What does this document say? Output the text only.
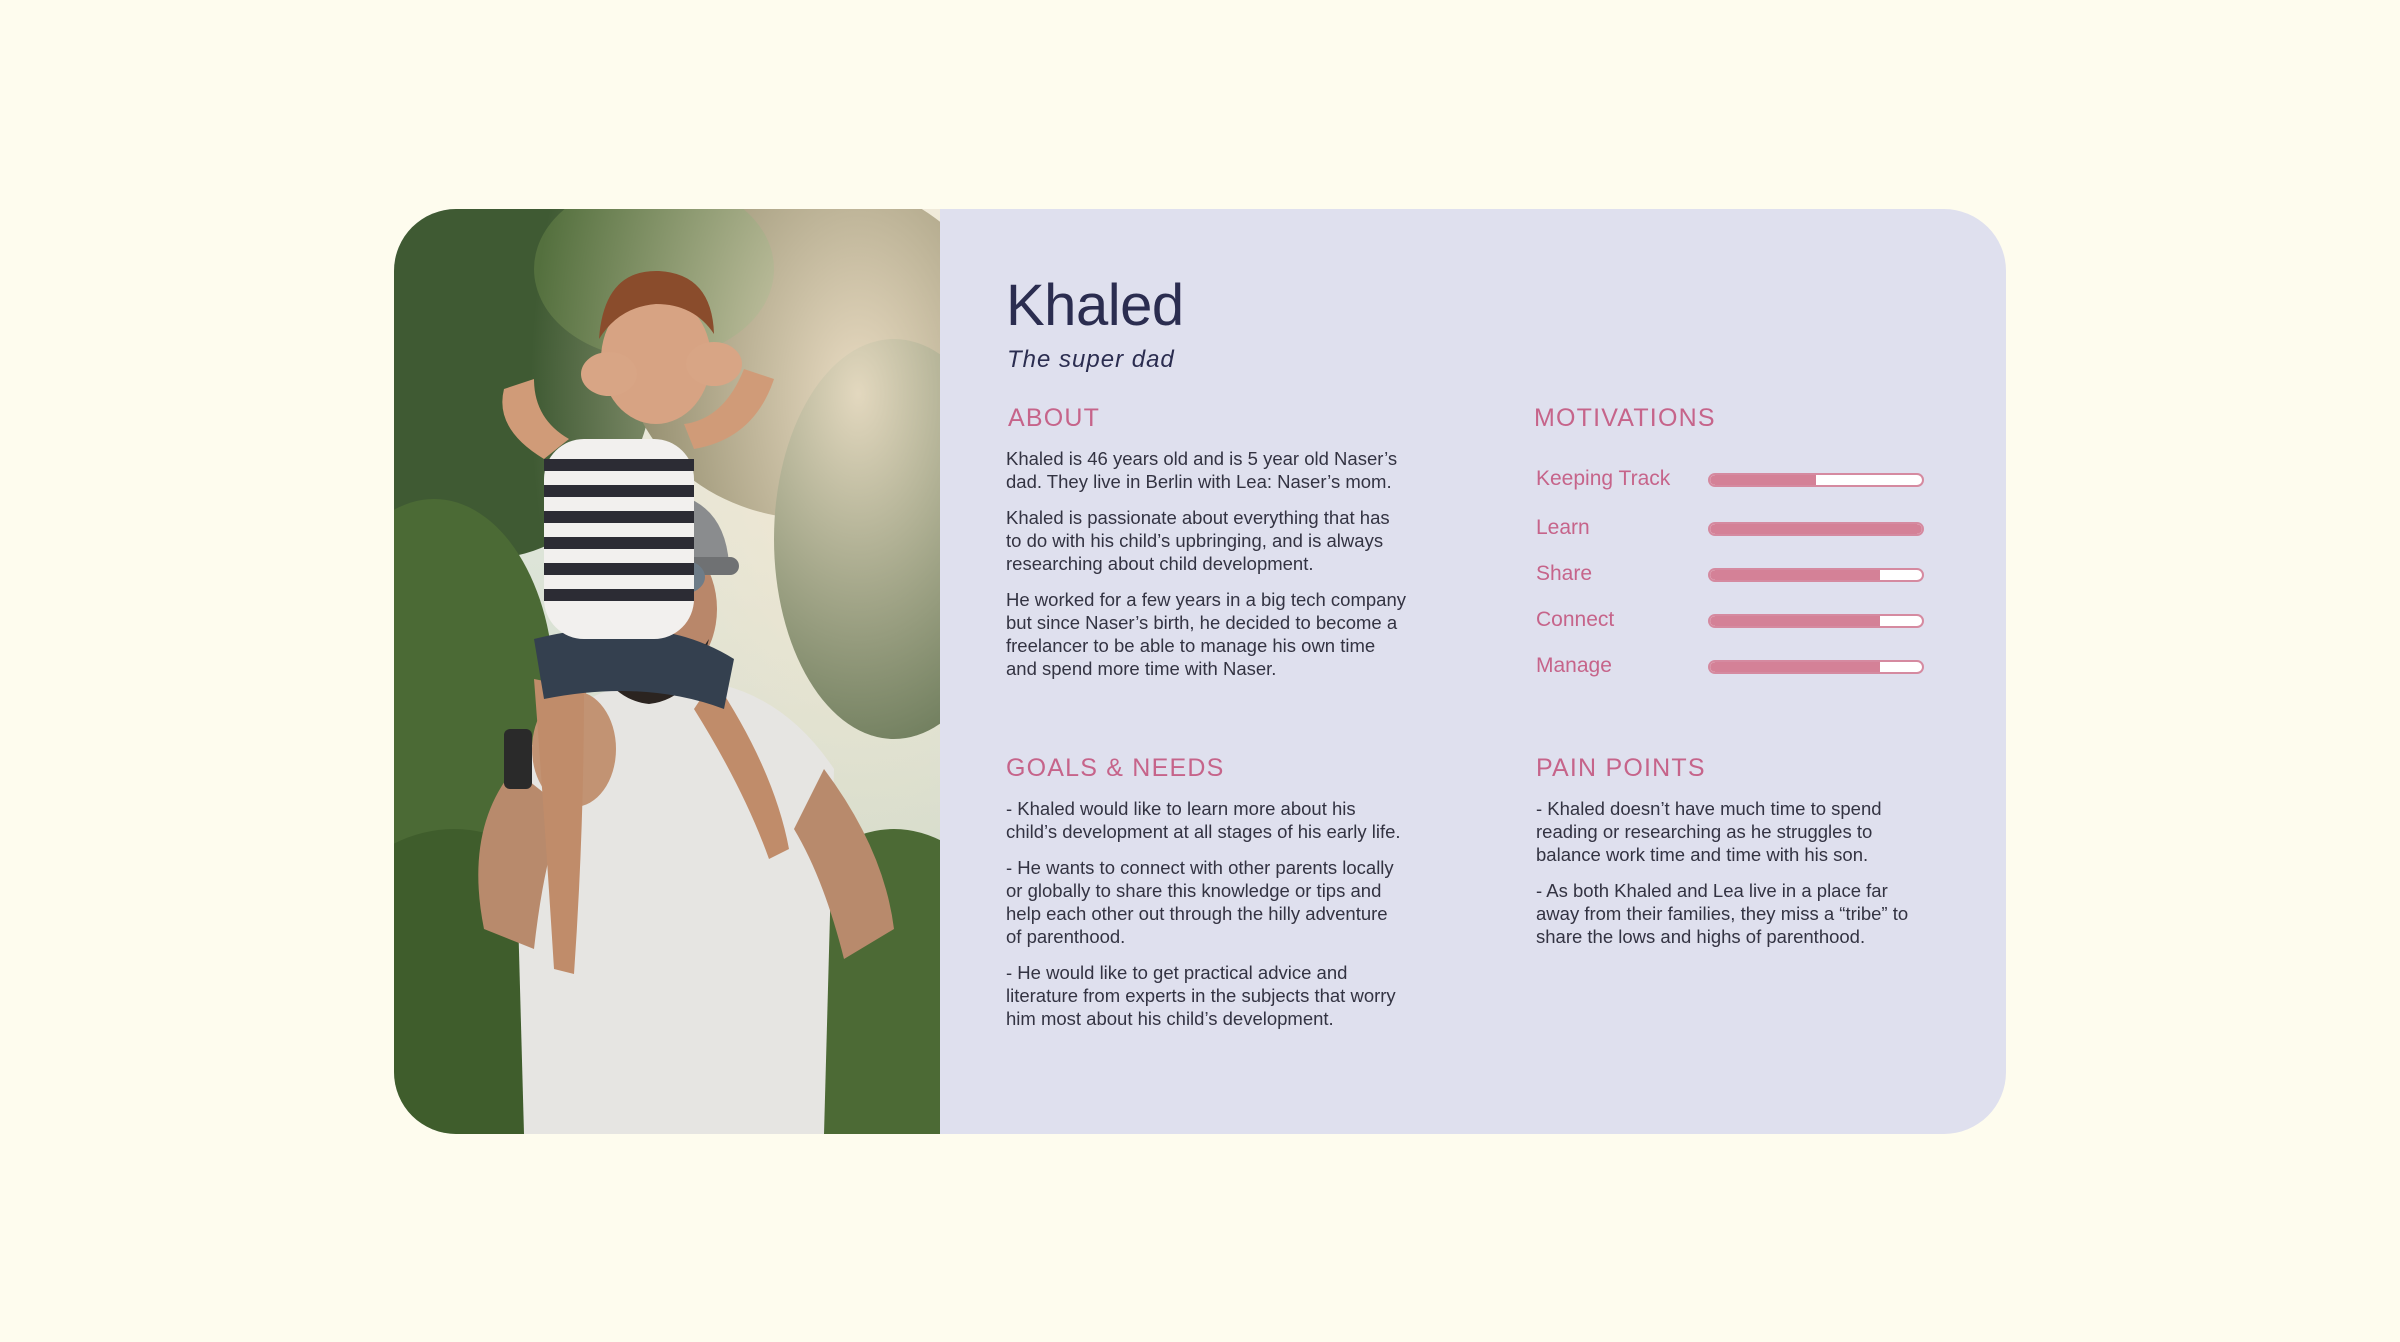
Khaled

The super dad

ABOUT

Khaled is 46 years old and is 5 year old Naser’s dad. They live in Berlin with Lea: Naser’s mom.

Khaled is passionate about everything that has to do with his child’s upbringing, and is always researching about child development.

He worked for a few years in a big tech company but since Naser’s birth, he decided to become a freelancer to be able to manage his own time and spend more time with Naser.

MOTIVATIONS
Keeping Track
Learn
Share
Connect
Manage
GOALS & NEEDS

- Khaled would like to learn more about his child’s development at all stages of his early life.

- He wants to connect with other parents locally or globally to share this knowledge or tips and help each other out through the hilly adventure of parenthood.

- He would like to get practical advice and literature from experts in the subjects that worry him most about his child’s development.

PAIN POINTS

- Khaled doesn’t have much time to spend reading or researching as he struggles to balance work time and time with his son.

- As both Khaled and Lea live in a place far away from their families, they miss a “tribe” to share the lows and highs of parenthood.
